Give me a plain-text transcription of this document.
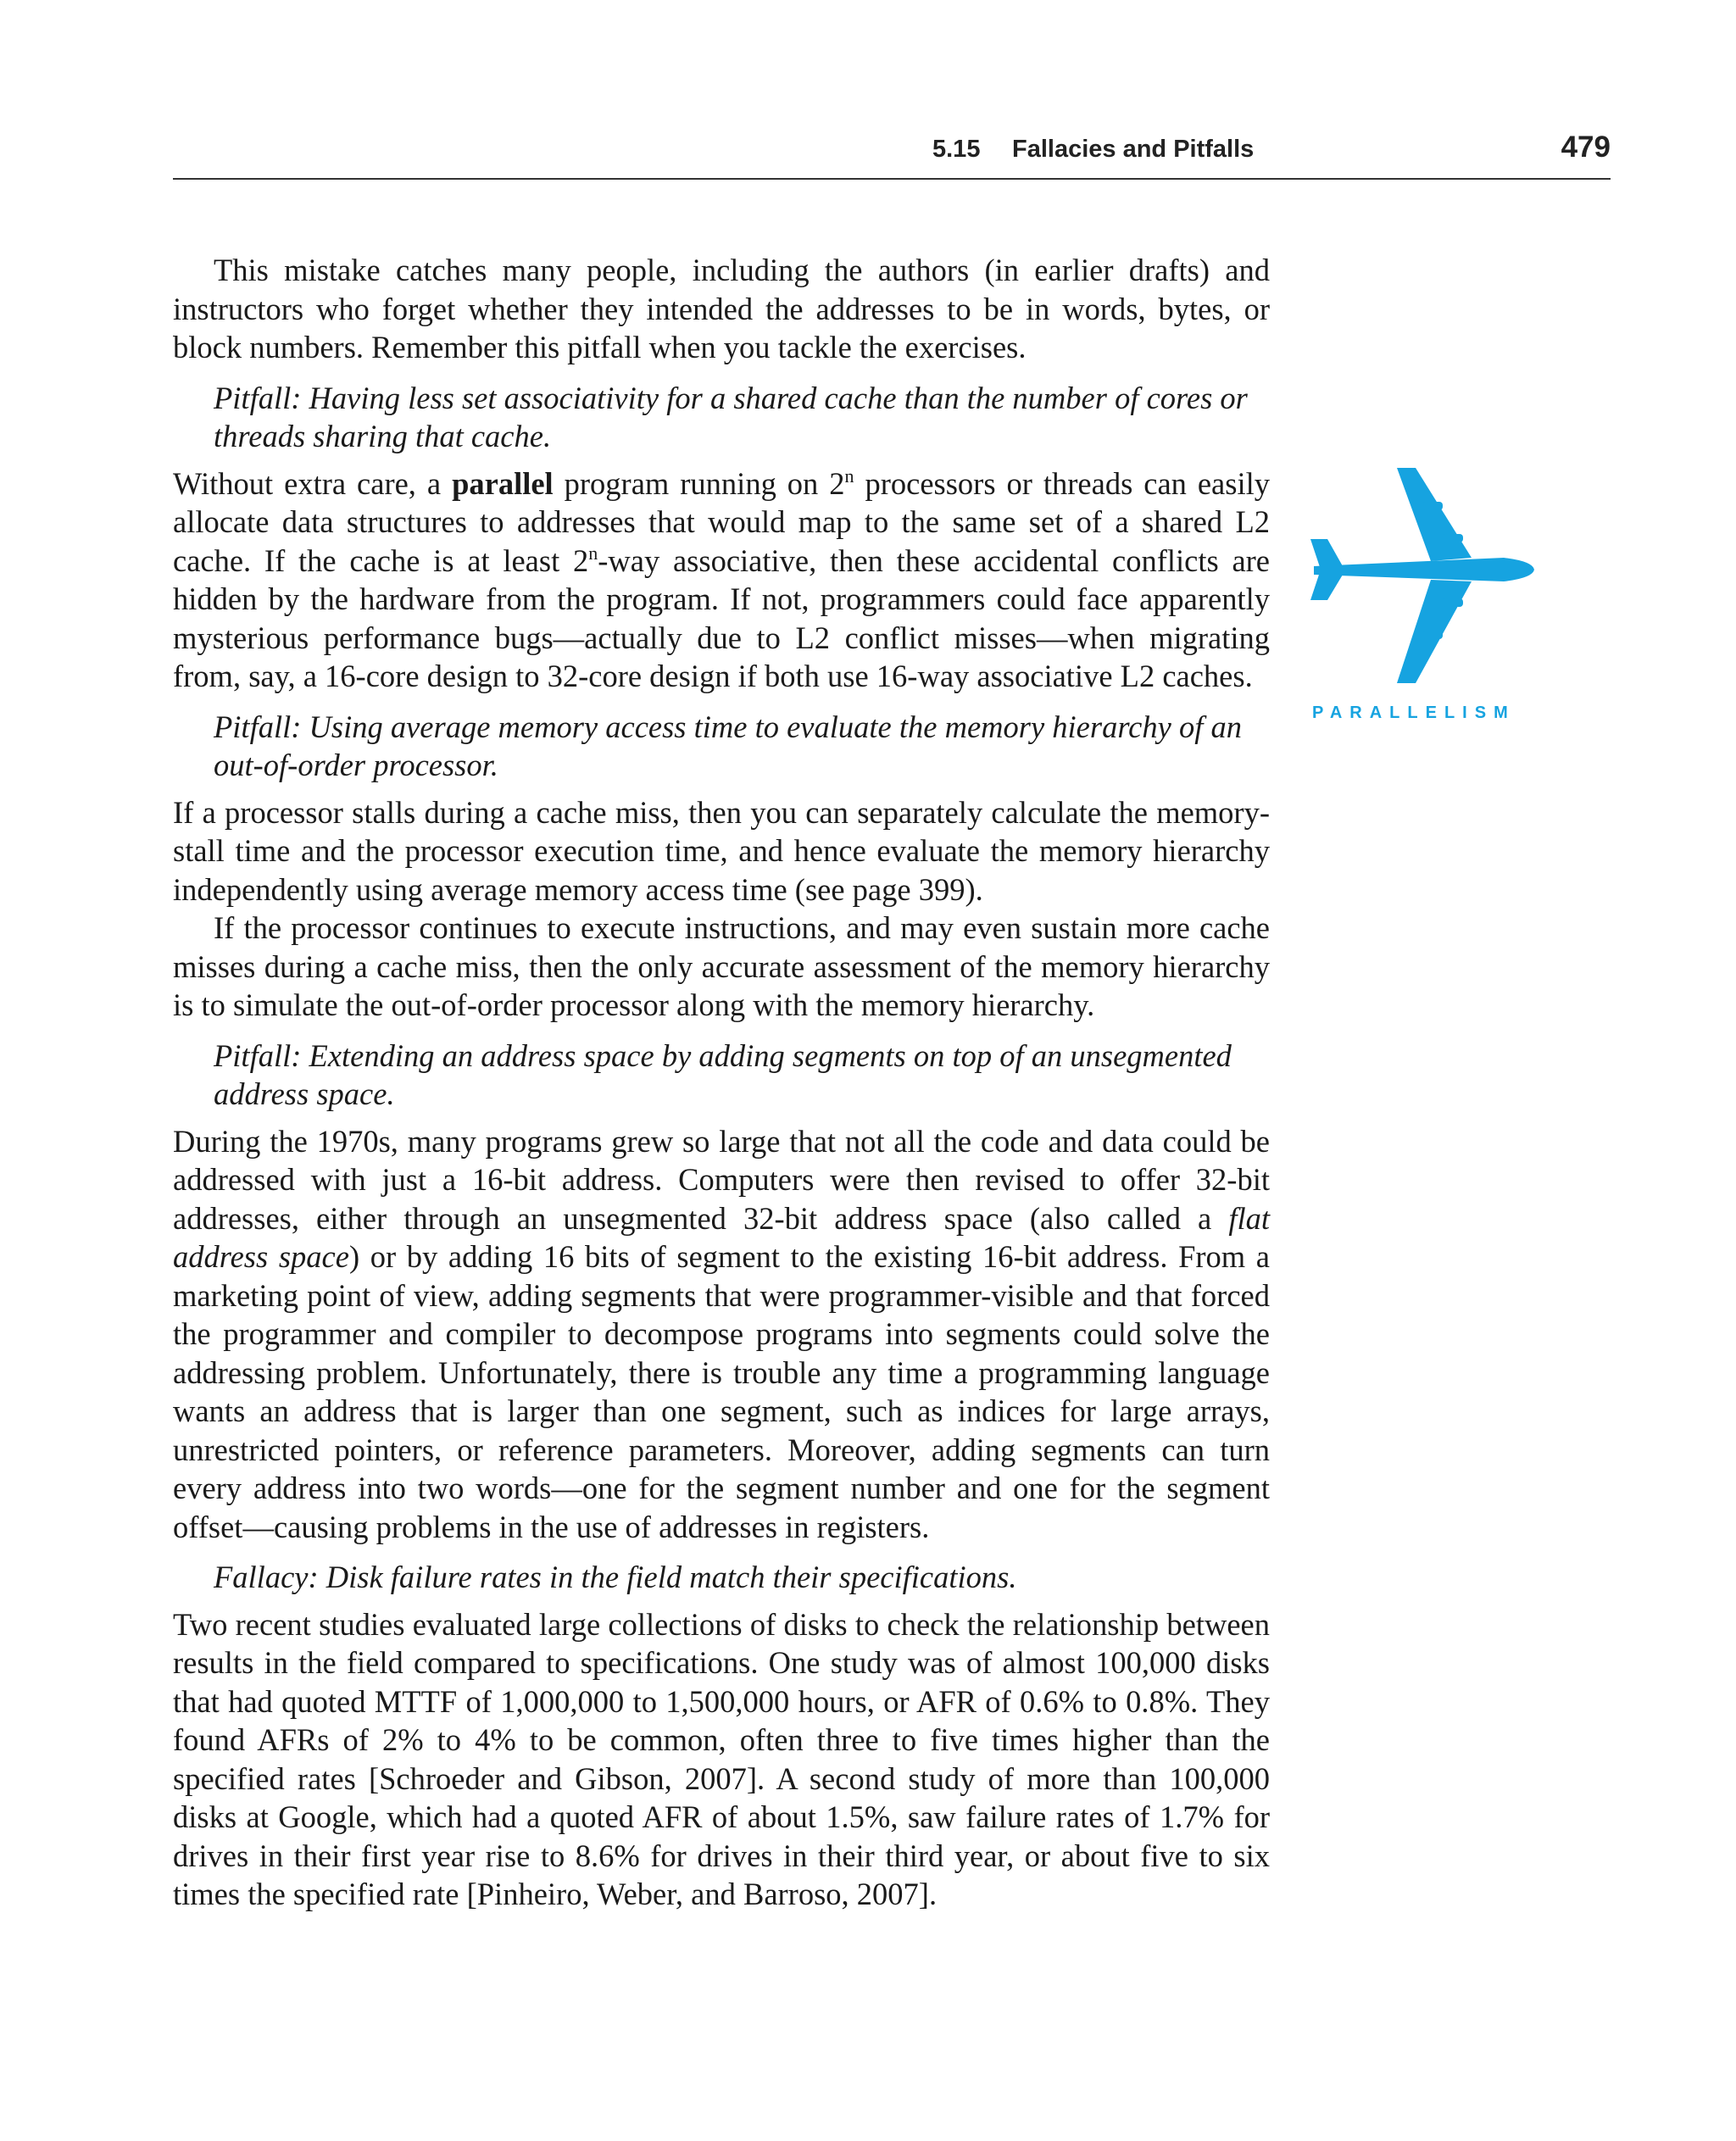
5.15 Fallacies and Pitfalls	479

This mistake catches many people, including the authors (in earlier drafts) and instructors who forget whether they intended the addresses to be in words, bytes, or block numbers. Remember this pitfall when you tackle the exercises.

Pitfall: Having less set associativity for a shared cache than the number of cores or threads sharing that cache.

Without extra care, a parallel program running on 2$^n$ processors or threads can easily allocate data structures to addresses that would map to the same set of a shared L2 cache. If the cache is at least 2$^n$-way associative, then these accidental conflicts are hidden by the hardware from the program. If not, programmers could face apparently mysterious performance bugs—actually due to L2 conflict misses—when migrating from, say, a 16-core design to 32-core design if both use 16-way associative L2 caches.

Pitfall: Using average memory access time to evaluate the memory hierarchy of an out-of-order processor.

If a processor stalls during a cache miss, then you can separately calculate the memory-stall time and the processor execution time, and hence evaluate the memory hierarchy independently using average memory access time (see page 399).

If the processor continues to execute instructions, and may even sustain more cache misses during a cache miss, then the only accurate assessment of the memory hierarchy is to simulate the out-of-order processor along with the memory hierarchy.

Pitfall: Extending an address space by adding segments on top of an unsegmented address space.

During the 1970s, many programs grew so large that not all the code and data could be addressed with just a 16-bit address. Computers were then revised to offer 32-bit addresses, either through an unsegmented 32-bit address space (also called a flat address space) or by adding 16 bits of segment to the existing 16-bit address. From a marketing point of view, adding segments that were programmer-visible and that forced the programmer and compiler to decompose programs into segments could solve the addressing problem. Unfortunately, there is trouble any time a programming language wants an address that is larger than one segment, such as indices for large arrays, unrestricted pointers, or reference parameters. Moreover, adding segments can turn every address into two words—one for the segment number and one for the segment offset—causing problems in the use of addresses in registers.

Fallacy: Disk failure rates in the field match their specifications.

Two recent studies evaluated large collections of disks to check the relationship between results in the field compared to specifications. One study was of almost 100,000 disks that had quoted MTTF of 1,000,000 to 1,500,000 hours, or AFR of 0.6% to 0.8%. They found AFRs of 2% to 4% to be common, often three to five times higher than the specified rates [Schroeder and Gibson, 2007]. A second study of more than 100,000 disks at Google, which had a quoted AFR of about 1.5%, saw failure rates of 1.7% for drives in their first year rise to 8.6% for drives in their third year, or about five to six times the specified rate [Pinheiro, Weber, and Barroso, 2007].

PARALLELISM
